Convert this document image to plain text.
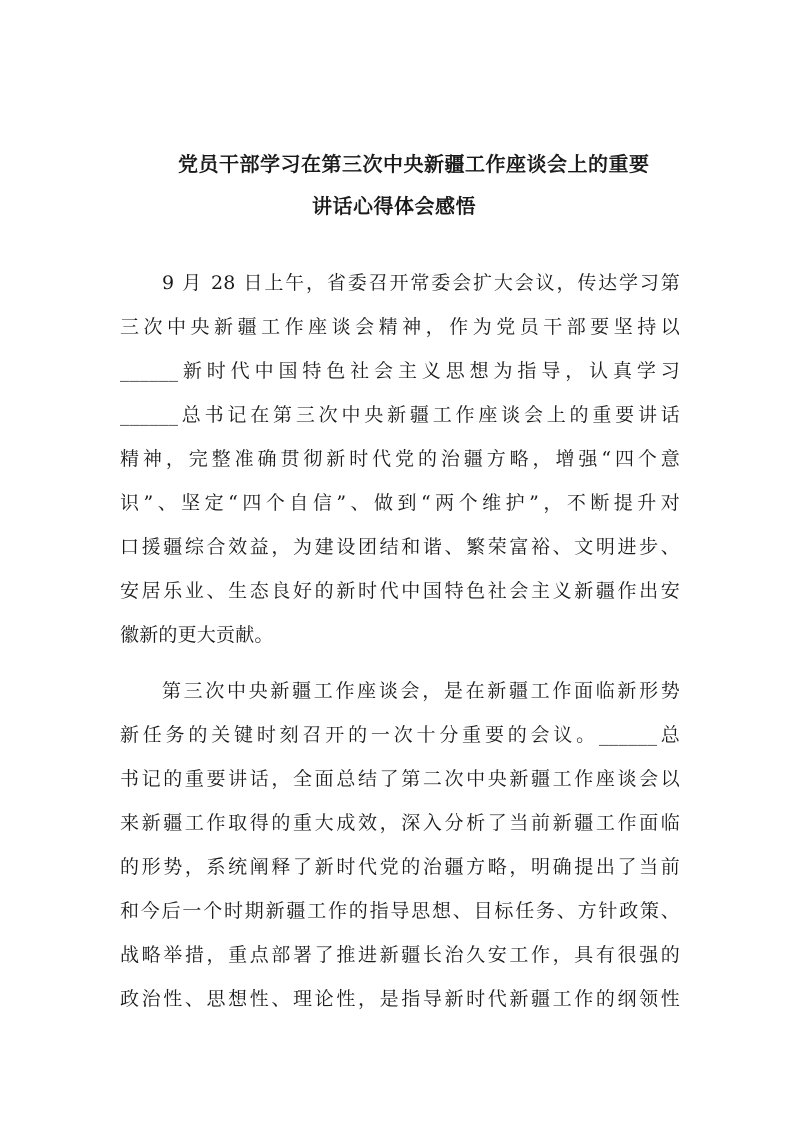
党员干部学习在第三次中央新疆工作座谈会上的重要
讲话心得体会感悟
9 月 28 日上午，省委召开常委会扩大会议，传达学习第
三次中央新疆工作座谈会精神，作为党员干部要坚持以
______新时代中国特色社会主义思想为指导，认真学习
______总书记在第三次中央新疆工作座谈会上的重要讲话
精神，完整准确贯彻新时代党的治疆方略，增强“四个意
识”、坚定“四个自信”、做到“两个维护”，不断提升对
口援疆综合效益，为建设团结和谐、繁荣富裕、文明进步、
安居乐业、生态良好的新时代中国特色社会主义新疆作出安
徽新的更大贡献。
第三次中央新疆工作座谈会，是在新疆工作面临新形势
新任务的关键时刻召开的一次十分重要的会议。______总
书记的重要讲话，全面总结了第二次中央新疆工作座谈会以
来新疆工作取得的重大成效，深入分析了当前新疆工作面临
的形势，系统阐释了新时代党的治疆方略，明确提出了当前
和今后一个时期新疆工作的指导思想、目标任务、方针政策、
战略举措，重点部署了推进新疆长治久安工作，具有很强的
政治性、思想性、理论性，是指导新时代新疆工作的纲领性
